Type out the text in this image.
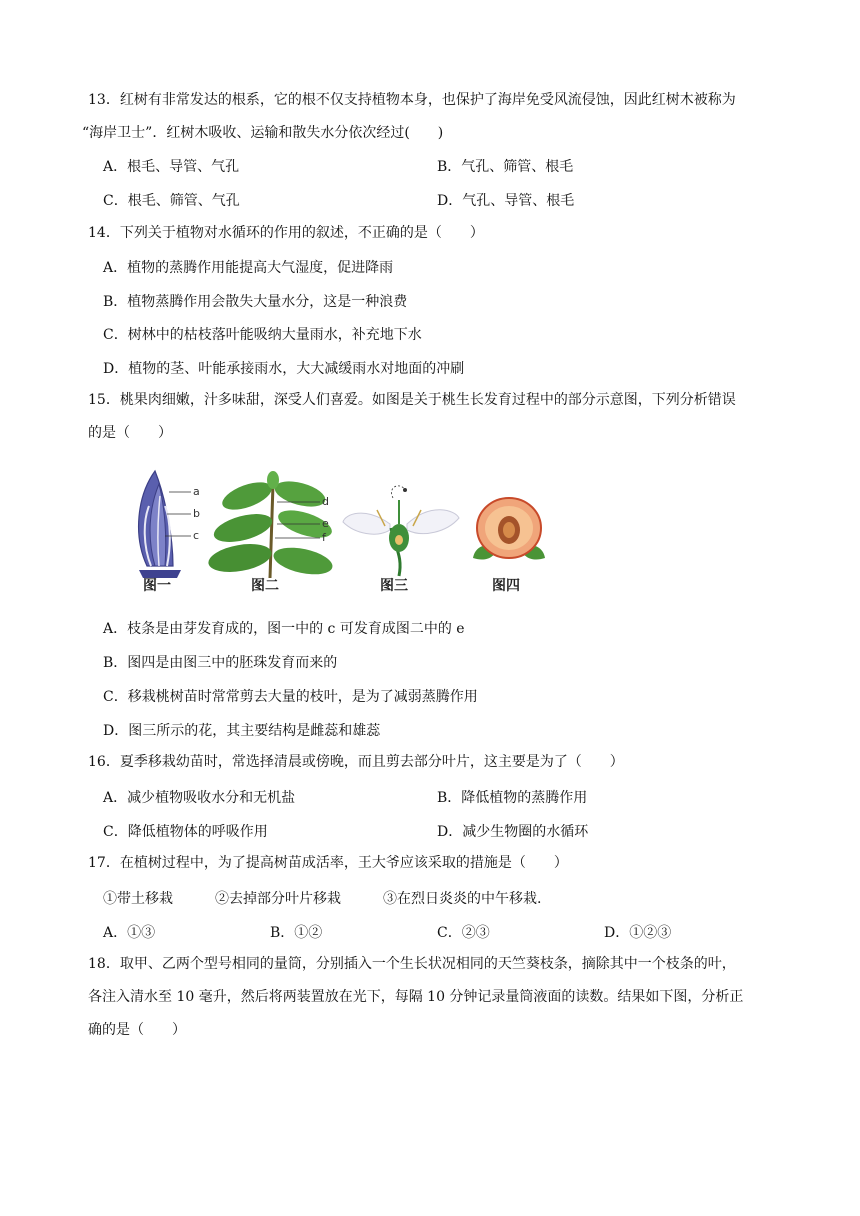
13．红树有非常发达的根系，它的根不仅支持植物本身，也保护了海岸免受风流侵蚀，因此红树木被称为
“海岸卫士”．红树木吸收、运输和散失水分依次经过(　　)
A．根毛、导管、气孔	B．气孔、筛管、根毛
C．根毛、筛管、气孔	D．气孔、导管、根毛
14．下列关于植物对水循环的作用的叙述，不正确的是（　　）
A．植物的蒸腾作用能提高大气湿度，促进降雨
B．植物蒸腾作用会散失大量水分，这是一种浪费
C．树林中的枯枝落叶能吸纳大量雨水，补充地下水
D．植物的茎、叶能承接雨水，大大减缓雨水对地面的冲刷
15．桃果肉细嫩，汁多味甜，深受人们喜爱。如图是关于桃生长发育过程中的部分示意图，下列分析错误
的是（　　）
a
b
c
d
e
f
图一	图二	图三	图四
A．枝条是由芽发育成的，图一中的 c 可发育成图二中的 e
B．图四是由图三中的胚珠发育而来的
C．移栽桃树苗时常常剪去大量的枝叶，是为了减弱蒸腾作用
D．图三所示的花，其主要结构是雌蕊和雄蕊
16．夏季移栽幼苗时，常选择清晨或傍晚，而且剪去部分叶片，这主要是为了（　　）
A．减少植物吸收水分和无机盐	B．降低植物的蒸腾作用
C．降低植物体的呼吸作用	D．减少生物圈的水循环
17．在植树过程中，为了提高树苗成活率，王大爷应该采取的措施是（　　）
①带土移栽　　　②去掉部分叶片移栽　　　③在烈日炎炎的中午移栽.
A．①③	B．①②	C．②③	D．①②③
18．取甲、乙两个型号相同的量筒，分别插入一个生长状况相同的天竺葵枝条，摘除其中一个枝条的叶，
各注入清水至 10 毫升，然后将两装置放在光下，每隔 10 分钟记录量筒液面的读数。结果如下图，分析正
确的是（　　）
